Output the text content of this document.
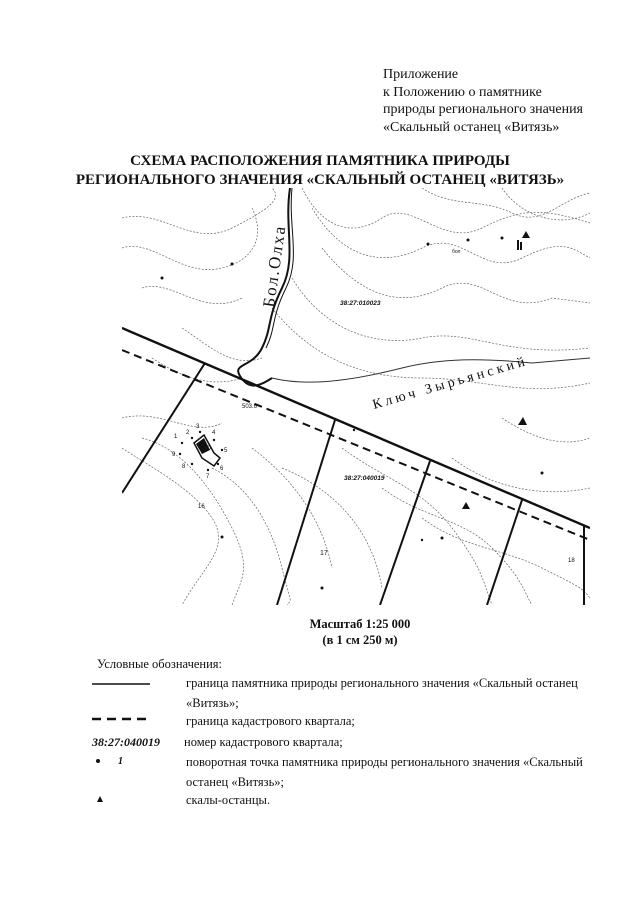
Приложение
к Положению о памятнике
природы регионального значения
«Скальный останец «Витязь»
СХЕМА РАСПОЛОЖЕНИЯ ПАМЯТНИКА ПРИРОДЫ
РЕГИОНАЛЬНОГО ЗНАЧЕНИЯ «СКАЛЬНЫЙ ОСТАНЕЦ «ВИТЯЗЬ»
1
2
3
4
5
6
7
8
9
10
Бол.Олха
Ключ Зырьянский
38:27:010023
38:27:040019
503.6
16
17
18
бол
Масштаб 1:25 000
(в 1 см 250 м)
Условные обозначения:
граница памятника природы регионального значения «Скальный останец
«Витязь»;
граница кадастрового квартала;
38:27:040019 номер кадастрового квартала;
1	поворотная точка памятника природы регионального значения «Скальный
останец «Витязь»;
скалы-останцы.
